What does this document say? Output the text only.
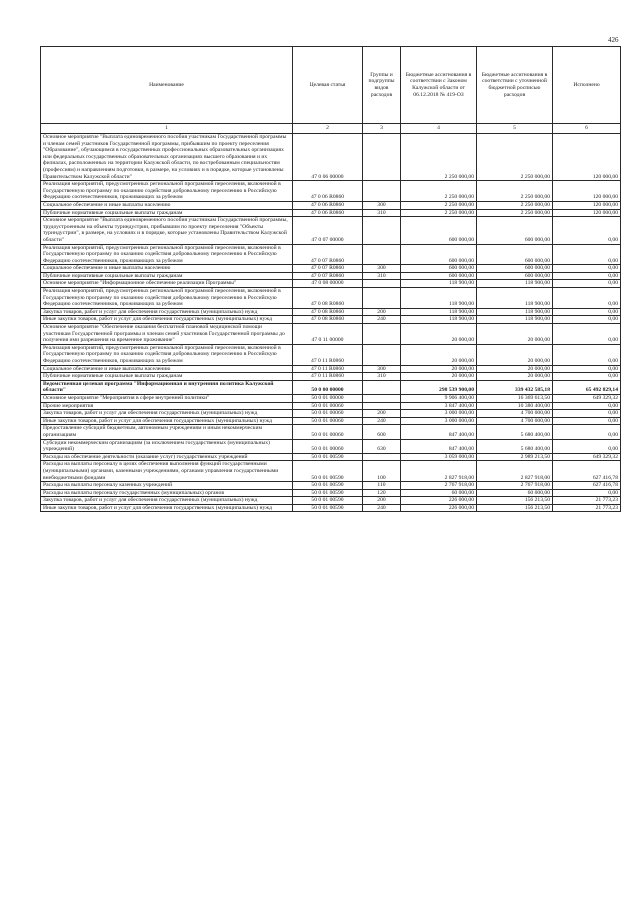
426
Наименование	Целевая статья	Группы и подгруппы видов расходов	Бюджетные ассигнования в соответствии с Законом Калужской области от 06.12.2018 № 419-ОЗ	Бюджетные ассигнования в соответствии с уточненной бюджетной росписью расходов	Исполнено
1	2	3	4	5	6
Основное мероприятие "Выплата единовременного пособия участникам Государственной программы и членам семей участников Государственной программы, прибывшим по проекту переселения "Образование", обучающимся в государственных профессиональных образовательных организациях или федеральных государственных образовательных организациях высшего образования и их филиалах, расположенных на территории Калужской области, по востребованным специальностям (профессиям) и направлениям подготовки, в размере, на условиях и в порядке, которые установлены Правительством Калужской области"	47 0 06 00000		2 250 000,00	2 250 000,00	120 000,00
Реализация мероприятий, предусмотренных региональной программой переселения, включенной в Государственную программу по оказанию содействия добровольному переселению в Российскую Федерацию соотечественников, проживающих за рубежом	47 0 06 R0860		2 250 000,00	2 250 000,00	120 000,00
Социальное обеспечение и иные выплаты населению	47 0 06 R0860	300	2 250 000,00	2 250 000,00	120 000,00
Публичные нормативные социальные выплаты гражданам	47 0 06 R0860	310	2 250 000,00	2 250 000,00	120 000,00
Основное мероприятие "Выплата единовременного пособия участникам Государственной программы, трудоустроенным на объекты туриндустрии, прибывшим по проекту переселения "Объекты туриндустрии", в размере, на условиях и в порядке, которые установлены Правительством Калужской области"	47 0 07 00000		600 000,00	600 000,00	0,00
Реализация мероприятий, предусмотренных региональной программой переселения, включенной в Государственную программу по оказанию содействия добровольному переселению в Российскую Федерацию соотечественников, проживающих за рубежом	47 0 07 R0860		600 000,00	600 000,00	0,00
Социальное обеспечение и иные выплаты населению	47 0 07 R0860	300	600 000,00	600 000,00	0,00
Публичные нормативные социальные выплаты гражданам	47 0 07 R0860	310	600 000,00	600 000,00	0,00
Основное мероприятие "Информационное обеспечение реализации Программы"	47 0 08 00000		118 900,00	118 900,00	0,00
Реализация мероприятий, предусмотренных региональной программой переселения, включенной в Государственную программу по оказанию содействия добровольному переселению в Российскую Федерацию соотечественников, проживающих за рубежом	47 0 08 R0860		118 900,00	118 900,00	0,00
Закупка товаров, работ и услуг для обеспечения государственных (муниципальных) нужд	47 0 08 R0860	200	118 900,00	118 900,00	0,00
Иные закупки товаров, работ и услуг для обеспечения государственных (муниципальных) нужд	47 0 08 R0860	240	118 900,00	118 900,00	0,00
Основное мероприятие "Обеспечение оказания бесплатной плановой медицинской помощи участникам Государственной программы и членам семей участников Государственной программы до получения ими разрешения на временное проживание"	47 0 11 00000		20 000,00	20 000,00	0,00
Реализация мероприятий, предусмотренных региональной программой переселения, включенной в Государственную программу по оказанию содействия добровольному переселению в Российскую Федерацию соотечественников, проживающих за рубежом	47 0 11 R0860		20 000,00	20 000,00	0,00
Социальное обеспечение и иные выплаты населению	47 0 11 R0860	300	20 000,00	20 000,00	0,00
Публичные нормативные социальные выплаты гражданам	47 0 11 R0860	310	20 000,00	20 000,00	0,00
Ведомственная целевая программа "Информационная и внутренняя политика Калужской области"	50 0 00 00000		298 539 900,00	339 432 585,18	65 492 829,14
Основное мероприятие "Мероприятия в сфере внутренней политики"	50 0 01 00000		9 906 400,00	16 369 613,50	649 329,32
Прочие мероприятия	50 0 01 00060		3 847 400,00	10 380 400,00	0,00
Закупка товаров, работ и услуг для обеспечения государственных (муниципальных) нужд	50 0 01 00060	200	3 000 000,00	4 700 000,00	0,00
Иные закупки товаров, работ и услуг для обеспечения государственных (муниципальных) нужд	50 0 01 00060	240	3 000 000,00	4 700 000,00	0,00
Предоставление субсидий бюджетным, автономным учреждениям и иным некоммерческим организациям	50 0 01 00060	600	847 400,00	5 680 400,00	0,00
Субсидии некоммерческим организациям (за исключением государственных (муниципальных) учреждений)	50 0 01 00060	630	847 400,00	5 680 400,00	0,00
Расходы на обеспечение деятельности (оказание услуг) государственных учреждений	50 0 01 00590		3 059 000,00	2 989 213,50	649 329,32
Расходы на выплаты персоналу в целях обеспечения выполнения функций государственными (муниципальными) органами, казенными учреждениями, органами управления государственными внебюджетными фондами	50 0 01 00590	100	2 827 918,00	2 827 918,00	627 416,78
Расходы на выплаты персоналу казенных учреждений	50 0 01 00590	110	2 767 918,00	2 767 918,00	627 416,78
Расходы на выплаты персоналу государственных (муниципальных) органов	50 0 01 00590	120	60 000,00	60 000,00	0,00
Закупка товаров, работ и услуг для обеспечения государственных (муниципальных) нужд	50 0 01 00590	200	226 000,00	156 213,50	21 773,23
Иные закупки товаров, работ и услуг для обеспечения государственных (муниципальных) нужд	50 0 01 00590	240	226 000,00	156 213,50	21 773,23
